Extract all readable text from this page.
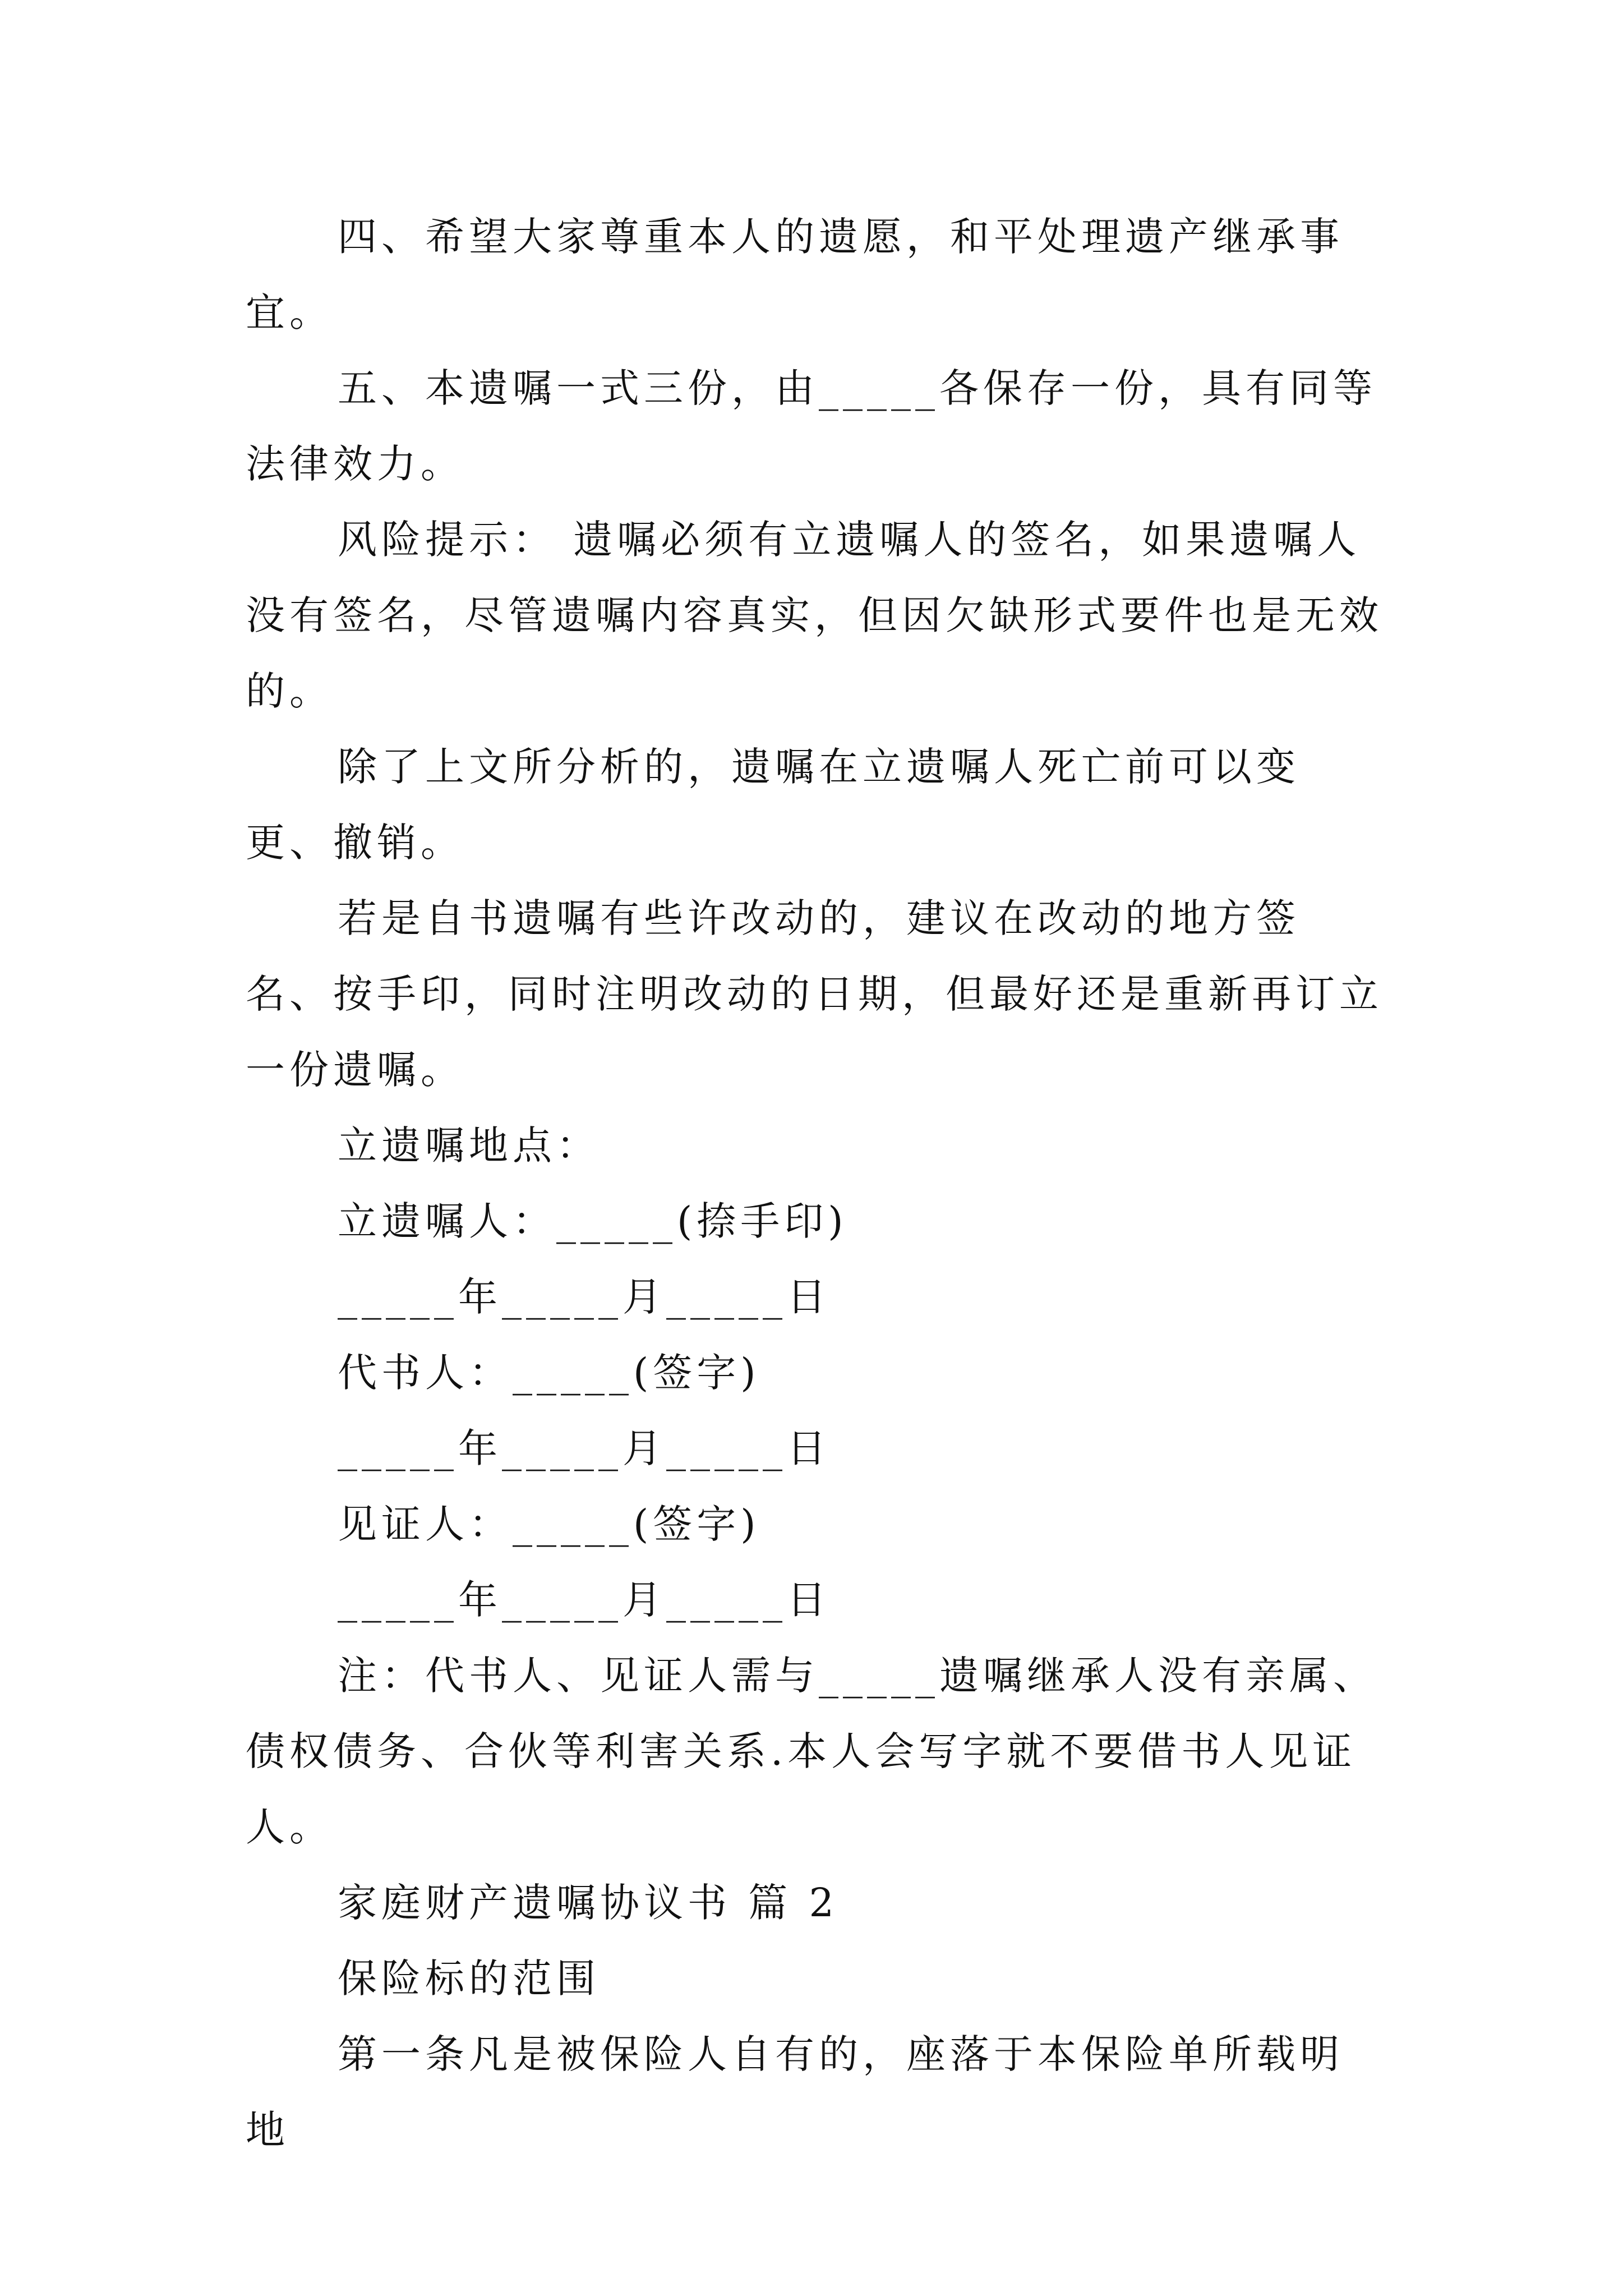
四、希望大家尊重本人的遗愿，和平处理遗产继承事宜。

五、本遗嘱一式三份，由_____各保存一份，具有同等法律效力。

风险提示： 遗嘱必须有立遗嘱人的签名，如果遗嘱人没有签名，尽管遗嘱内容真实，但因欠缺形式要件也是无效的。

除了上文所分析的，遗嘱在立遗嘱人死亡前可以变更、撤销。

若是自书遗嘱有些许改动的，建议在改动的地方签名、按手印，同时注明改动的日期，但最好还是重新再订立一份遗嘱。

立遗嘱地点：

立遗嘱人：_____(捺手印)

_____年_____月_____日

代书人：_____(签字)

_____年_____月_____日

见证人：_____(签字)

_____年_____月_____日

注：代书人、见证人需与_____遗嘱继承人没有亲属、债权债务、合伙等利害关系.本人会写字就不要借书人见证人。

家庭财产遗嘱协议书 篇 2

保险标的范围

第一条凡是被保险人自有的，座落于本保险单所载明地
